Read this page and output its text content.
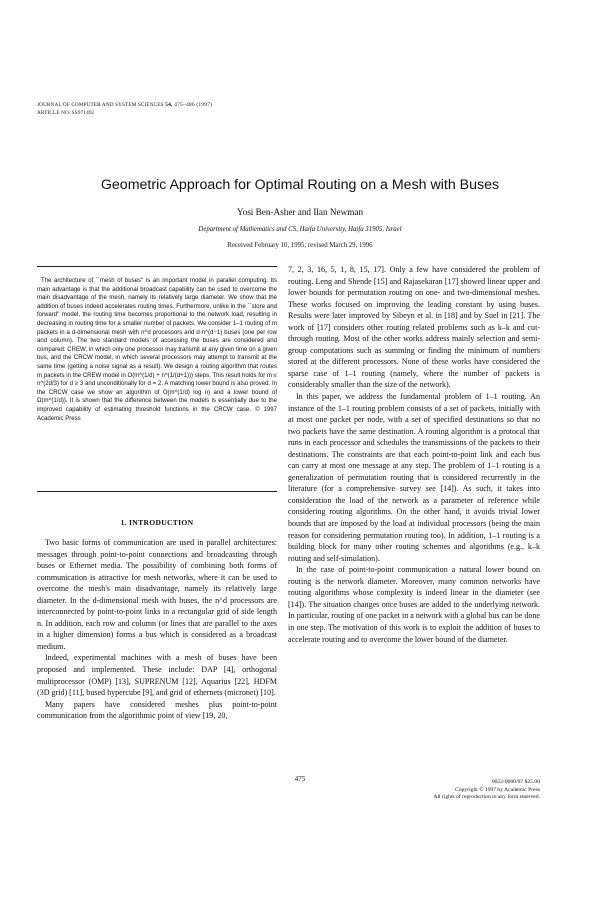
JOURNAL OF COMPUTER AND SYSTEM SCIENCES 54, 475–486 (1997)
ARTICLE NO. SS971492
Geometric Approach for Optimal Routing on a Mesh with Buses
Yosi Ben-Asher and Ilan Newman
Department of Mathematics and CS, Haifa University, Haifa 31905, Israel
Received February 10, 1995; revised March 29, 1996
The architecture of ``mesh of buses'' is an important model in parallel computing. Its main advantage is that the additional broadcast capability can be used to overcome the main disadvantage of the mesh, namely its relatively large diameter. We show that the addition of buses indeed accelerates routing times. Furthermore, unlike in the ``store and forward'' model, the routing time becomes proportional to the network load, resulting in decreasing in routing time for a smaller number of packets. We consider 1–1 routing of m packets in a d-dimensional mesh with n^d processors and d·n^(d−1) buses (one per row and column). The two standard models of accessing the buses are considered and compared: CREW, in which only one processor may transmit at any given time on a given bus, and the CRCW model, in which several processors may attempt to transmit at the same time (getting a noise signal as a result). We design a routing algorithm that routes m packets in the CREW model in O(m^(1/d) + n^(1/(d+1))) steps. This result holds for m ≤ n^(2d/3) for d ≥ 3 and unconditionally for d = 2. A matching lower bound is also proved. In the CRCW case we show an algorithm of O(m^(1/d) log n) and a lower bound of Ω(m^(1/d)). It is shown that the difference between the models is essentially due to the improved capability of estimating threshold functions in the CRCW case. © 1997 Academic Press
1. INTRODUCTION

Two basic forms of communication are used in parallel architectures: messages through point-to-point connections and broadcasting through buses or Ethernet media. The possibility of combining both forms of communication is attractive for mesh networks, where it can be used to overcome the mesh's main disadvantage, namely its relatively large diameter. In the d-dimensional mesh with buses, the n^d processors are interconnected by point-to-point links in a rectangular grid of side length n. In addition, each row and column (or lines that are parallel to the axes in a higher dimension) forms a bus which is considered as a broadcast medium.

Indeed, experimental machines with a mesh of buses have been proposed and implemented. These include: DAP [4], orthogonal multiprocessor (OMP) [13], SUPRENUM [12], Aquarius [22], HDFM (3D grid) [11], bused hypercube [9], and grid of ethernets (micronet) [10].

Many papers have considered meshes plus point-to-point communication from the algorithmic point of view [19, 20,

7, 2, 3, 16, 5, 1, 8, 15, 17]. Only a few have considered the problem of routing. Leng and Shende [15] and Rajasekaran [17] showed linear upper and lower bounds for permutation routing on one- and two-dimensional meshes. These works focused on improving the leading constant by using buses. Results were later improved by Sibeyn et al. in [18] and by Suel in [21]. The work of [17] considers other routing related problems such as k–k and cut-through routing. Most of the other works address mainly selection and semi-group computations such as summing or finding the minimum of numbers stored at the different processors. None of these works have considered the sparse case of 1–1 routing (namely, where the number of packets is considerably smaller than the size of the network).

In this paper, we address the fundamental problem of 1–1 routing. An instance of the 1–1 routing problem consists of a set of packets, initially with at most one packet per node, with a set of specified destinations so that no two packets have the same destination. A routing algorithm is a protocal that runs in each processor and schedules the transmissions of the packets to their destinations. The constraints are that each point-to-point link and each bus can carry at most one message at any step. The problem of 1–1 routing is a generalization of permutation routing that is considered recurrently in the literature (for a comprehensive survey see [14]). As such, it takes into consideration the load of the network as a parameter of reference while considering routing algorithms. On the other hand, it avoids trivial lower bounds that are imposed by the load at individual processors (being the main reason for considering permutation routing too). In addition, 1–1 routing is a building block for many other routing schemes and algorithms (e.g., k–k routing and self-simulation).

In the case of point-to-point communication a natural lower bound on routing is the network diameter. Moreover, many common networks have routing algorithms whose complexity is indeed linear in the diameter (see [14]). The situation changes once buses are added to the underlying network. In particular, routing of one packet in a network with a global bus can be done in one step. The motivation of this work is to exploit the addition of buses to accelerate routing and to overcome the lower bound of the diameter.

475	0022-0000/97 $25.00
Copyright © 1997 by Academic Press
All rights of reproduction in any form reserved.
